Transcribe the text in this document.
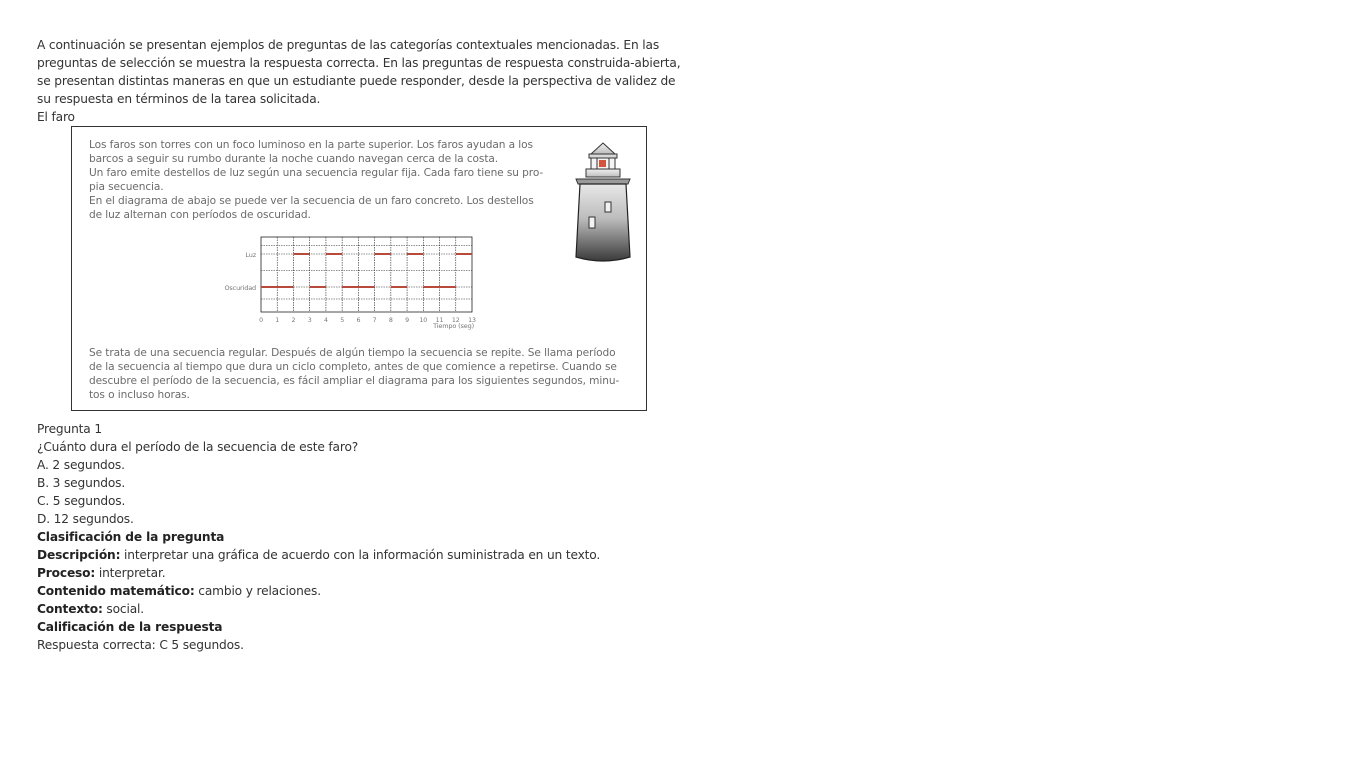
A continuación se presentan ejemplos de preguntas de las categorías contextuales mencionadas. En las preguntas de selección se muestra la respuesta correcta. En las preguntas de respuesta construida-abierta, se presentan distintas maneras en que un estudiante puede responder, desde la perspectiva de validez de su respuesta en términos de la tarea solicitada.

El faro

Los faros son torres con un foco luminoso en la parte superior. Los faros ayudan a los
barcos a seguir su rumbo durante la noche cuando navegan cerca de la costa.
Un faro emite destellos de luz según una secuencia regular fija. Cada faro tiene su pro-
pia secuencia.
En el diagrama de abajo se puede ver la secuencia de un faro concreto. Los destellos
de luz alternan con períodos de oscuridad.
Luz
Oscuridad
0 1 2 3 4 5 6 7 8 9 10 11 12 13
Tiempo (seg)
Se trata de una secuencia regular. Después de algún tiempo la secuencia se repite. Se llama período
de la secuencia al tiempo que dura un ciclo completo, antes de que comience a repetirse. Cuando se
descubre el período de la secuencia, es fácil ampliar el diagrama para los siguientes segundos, minu-
tos o incluso horas.

Pregunta 1

¿Cuánto dura el período de la secuencia de este faro?

A. 2 segundos.

B. 3 segundos.

C. 5 segundos.

D. 12 segundos.

Clasificación de la pregunta

Descripción: interpretar una gráfica de acuerdo con la información suministrada en un texto.

Proceso: interpretar.

Contenido matemático: cambio y relaciones.

Contexto: social.

Calificación de la respuesta

Respuesta correcta: C 5 segundos.
